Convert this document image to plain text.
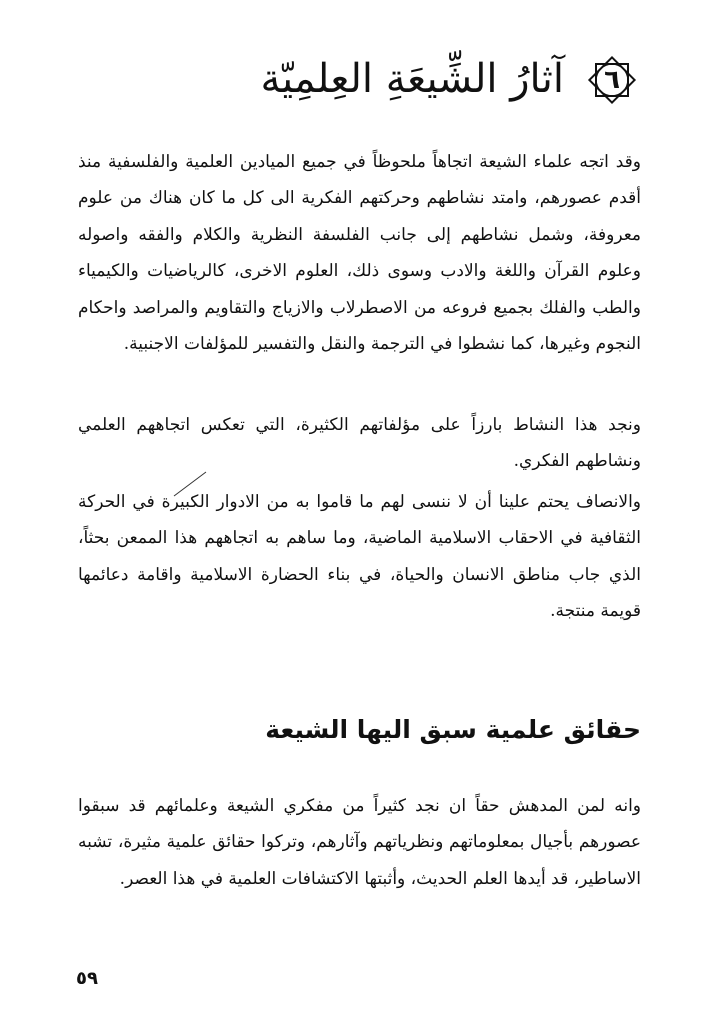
٦
آثارُ الشِّيعَةِ العِلمِيّة

وقد اتجه علماء الشيعة اتجاهاً ملحوظاً في جميع الميادين العلمية والفلسفية منذ أقدم عصورهم، وامتد نشاطهم وحركتهم الفكرية الى كل ما كان هناك من علوم معروفة، وشمل نشاطهم إلى جانب الفلسفة النظرية والكلام والفقه واصوله وعلوم القرآن واللغة والادب وسوى ذلك، العلوم الاخرى، كالرياضيات والكيمياء والطب والفلك بجميع فروعه من الاصطرلاب والازياج والتقاويم والمراصد واحكام النجوم وغيرها، كما نشطوا في الترجمة والنقل والتفسير للمؤلفات الاجنبية.

ونجد هذا النشاط بارزاً على مؤلفاتهم الكثيرة، التي تعكس اتجاههم العلمي ونشاطهم الفكري.

والانصاف يحتم علينا أن لا ننسى لهم ما قاموا به من الادوار الكبيرة في الحركة الثقافية في الاحقاب الاسلامية الماضية، وما ساهم به اتجاههم هذا الممعن بحثاً، الذي جاب مناطق الانسان والحياة، في بناء الحضارة الاسلامية واقامة دعائمها قويمة منتجة.

حقائق علمية سبق اليها الشيعة

وانه لمن المدهش حقاً ان نجد كثيراً من مفكري الشيعة وعلمائهم قد سبقوا عصورهم بأجيال بمعلوماتهم ونظرياتهم وآثارهم، وتركوا حقائق علمية مثيرة، تشبه الاساطير، قد أيدها العلم الحديث، وأثبتها الاكتشافات العلمية في هذا العصر.

٥٩
